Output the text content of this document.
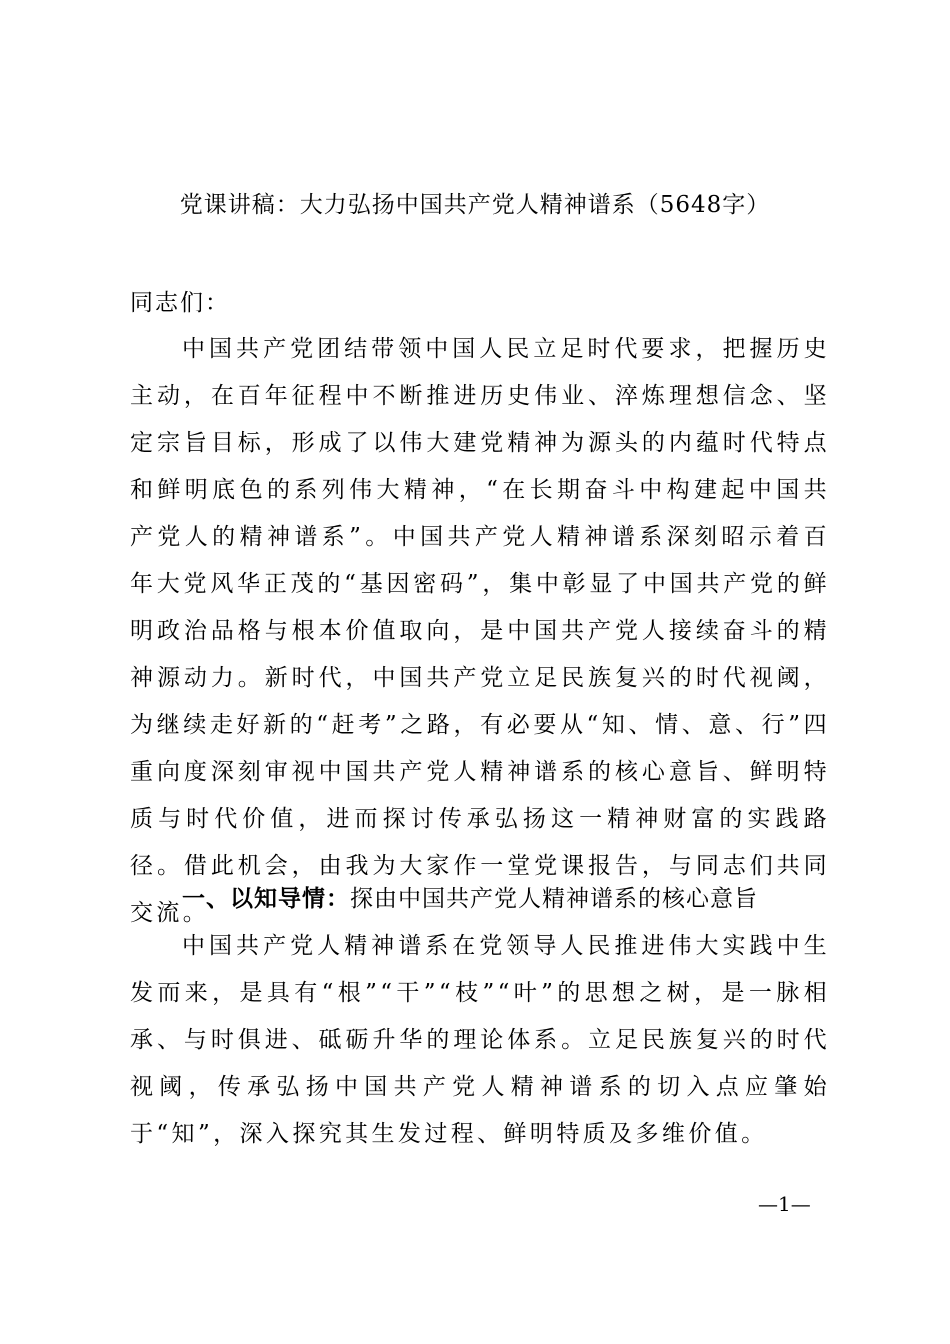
党课讲稿：大力弘扬中国共产党人精神谱系（5648字）
同志们：

中国共产党团结带领中国人民立足时代要求，把握历史主动，在百年征程中不断推进历史伟业、淬炼理想信念、坚定宗旨目标，形成了以伟大建党精神为源头的内蕴时代特点和鲜明底色的系列伟大精神，“在长期奋斗中构建起中国共产党人的精神谱系”。中国共产党人精神谱系深刻昭示着百年大党风华正茂的“基因密码”，集中彰显了中国共产党的鲜明政治品格与根本价值取向，是中国共产党人接续奋斗的精神源动力。新时代，中国共产党立足民族复兴的时代视阈，为继续走好新的“赶考”之路，有必要从“知、情、意、行”四重向度深刻审视中国共产党人精神谱系的核心意旨、鲜明特质与时代价值，进而探讨传承弘扬这一精神财富的实践路径。借此机会，由我为大家作一堂党课报告，与同志们共同交流。

一、以知导情：探由中国共产党人精神谱系的核心意旨

中国共产党人精神谱系在党领导人民推进伟大实践中生发而来，是具有“根”“干”“枝”“叶”的思想之树，是一脉相承、与时俱进、砥砺升华的理论体系。立足民族复兴的时代视阈，传承弘扬中国共产党人精神谱系的切入点应肇始于“知”，深入探究其生发过程、鲜明特质及多维价值。

—1—
